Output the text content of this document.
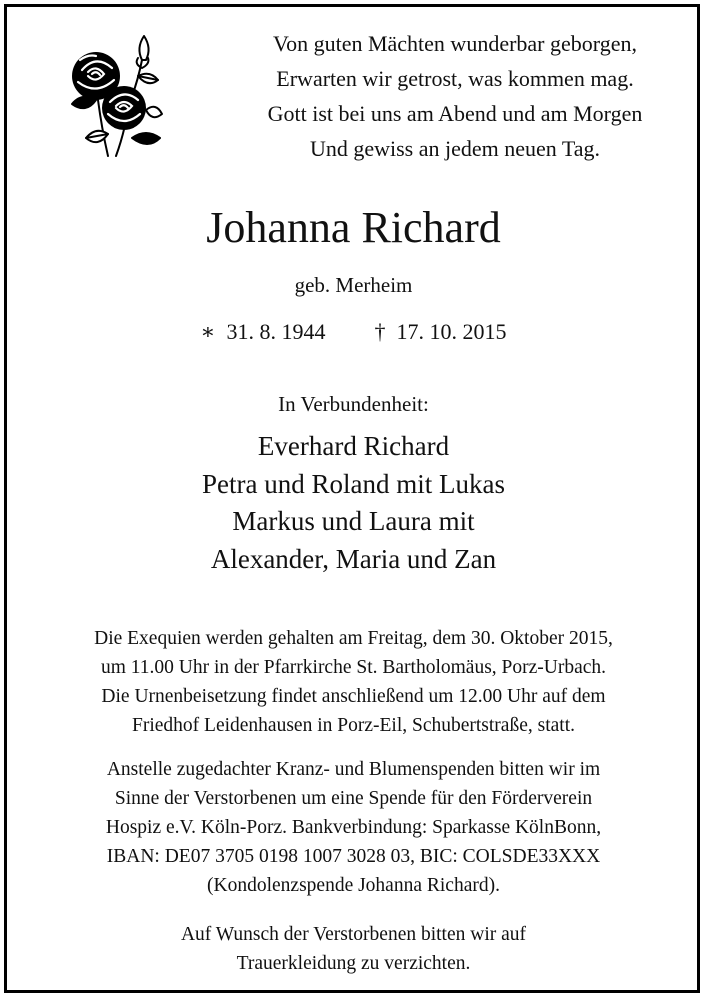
Von guten Mächten wunderbar geborgen,
Erwarten wir getrost, was kommen mag.
Gott ist bei uns am Abend und am Morgen
Und gewiss an jedem neuen Tag.
Johanna Richard
geb. Merheim
∗ 31. 8. 1944 † 17. 10. 2015
In Verbundenheit:
Everhard Richard
Petra und Roland mit Lukas
Markus und Laura mit
Alexander, Maria und Zan
Die Exequien werden gehalten am Freitag, dem 30. Oktober 2015,
um 11.00 Uhr in der Pfarrkirche St. Bartholomäus, Porz-Urbach.
Die Urnenbeisetzung findet anschließend um 12.00 Uhr auf dem
Friedhof Leidenhausen in Porz-Eil, Schubertstraße, statt.
Anstelle zugedachter Kranz- und Blumenspenden bitten wir im
Sinne der Verstorbenen um eine Spende für den Förderverein
Hospiz e.V. Köln-Porz. Bankverbindung: Sparkasse KölnBonn,
IBAN: DE07 3705 0198 1007 3028 03, BIC: COLSDE33XXX
(Kondolenzspende Johanna Richard).
Auf Wunsch der Verstorbenen bitten wir auf
Trauerkleidung zu verzichten.
